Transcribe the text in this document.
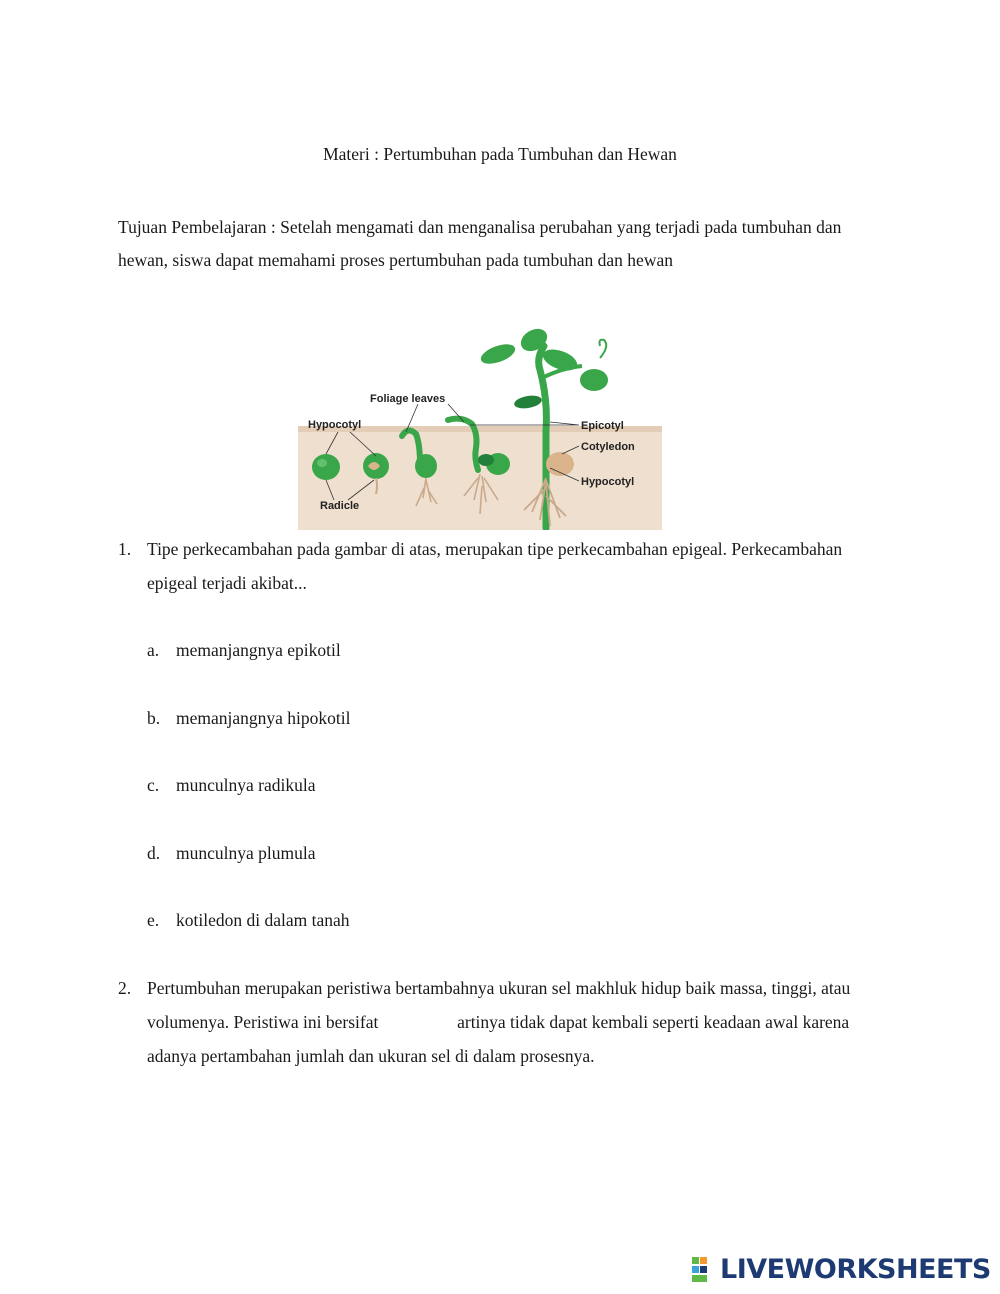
Materi : Pertumbuhan pada Tumbuhan dan Hewan
Tujuan Pembelajaran : Setelah mengamati dan menganalisa perubahan yang terjadi pada tumbuhan dan hewan, siswa dapat memahami proses pertumbuhan pada tumbuhan dan hewan
Hypocotyl
Foliage leaves
Epicotyl
Cotyledon
Hypocotyl
Radicle
1. Tipe perkecambahan pada gambar di atas, merupakan tipe perkecambahan epigeal. Perkecambahan epigeal terjadi akibat...
a. memanjangnya epikotil
b. memanjangnya hipokotil
c. munculnya radikula
d. munculnya plumula
e. kotiledon di dalam tanah
2. Pertumbuhan merupakan peristiwa bertambahnya ukuran sel makhluk hidup baik massa, tinggi, atau volumenya. Peristiwa ini bersifat	artinya tidak dapat kembali seperti keadaan awal karena adanya pertambahan jumlah dan ukuran sel di dalam prosesnya.
LIVEWORKSHEETS
